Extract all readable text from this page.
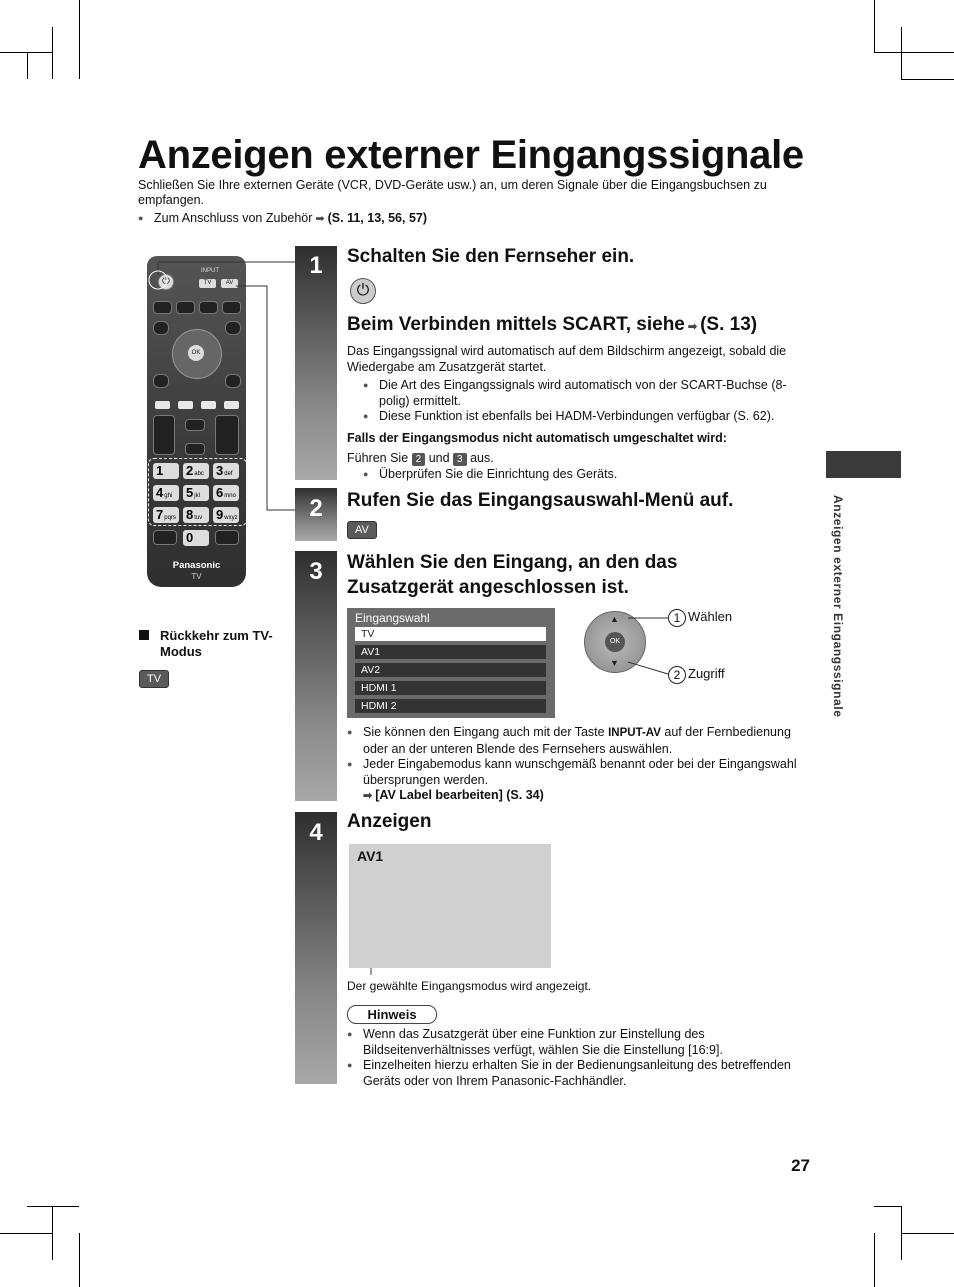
Anzeigen externer Eingangssignale
Schließen Sie Ihre externen Geräte (VCR, DVD-Geräte usw.) an, um deren Signale über die Eingangsbuchsen zu empfangen.
● Zum Anschluss von Zubehör ➡ (S. 11, 13, 56, 57)
⏻
INPUT
TV	AV
OK
Panasonic
TV
1	2abc 3def
4ghi	5jkl	6mno
7pqrs 8tuv	9wxyz
0
Rückkehr zum TV-Modus
TV	Anzeigen externer Eingangssignale
27
1	Schalten Sie den Fernseher ein.
⏻
Beim Verbinden mittels SCART, siehe ➡ (S. 13)
Das Eingangssignal wird automatisch auf dem Bildschirm angezeigt, sobald die Wiedergabe am Zusatzgerät startet.
● Die Art des Eingangssignals wird automatisch von der SCART-Buchse (8-polig) ermittelt.
● Diese Funktion ist ebenfalls bei HADM-Verbindungen verfügbar (S. 62).
Falls der Eingangsmodus nicht automatisch umgeschaltet wird:
Führen Sie 2 und 3 aus.
● Überprüfen Sie die Einrichtung des Geräts.
2	Rufen Sie das Eingangsauswahl-Menü auf.
AV
3	Wählen Sie den Eingang, an den das
Zusatzgerät angeschlossen ist.
Eingangswahl
TV
AV1
AV2
HDMI 1
HDMI 2
OK
▲
▼
1 Wählen
2 Zugriff
● Sie können den Eingang auch mit der Taste INPUT-AV auf der Fernbedienung oder an der unteren Blende des Fernsehers auswählen.
● Jeder Eingabemodus kann wunschgemäß benannt oder bei der Eingangswahl übersprungen werden.
➡ [AV Label bearbeiten] (S. 34)
4	Anzeigen
AV1
Der gewählte Eingangsmodus wird angezeigt.
Hinweis
● Wenn das Zusatzgerät über eine Funktion zur Einstellung des Bildseitenverhältnisses verfügt, wählen Sie die Einstellung [16:9].
● Einzelheiten hierzu erhalten Sie in der Bedienungsanleitung des betreffenden Geräts oder von Ihrem Panasonic-Fachhändler.
